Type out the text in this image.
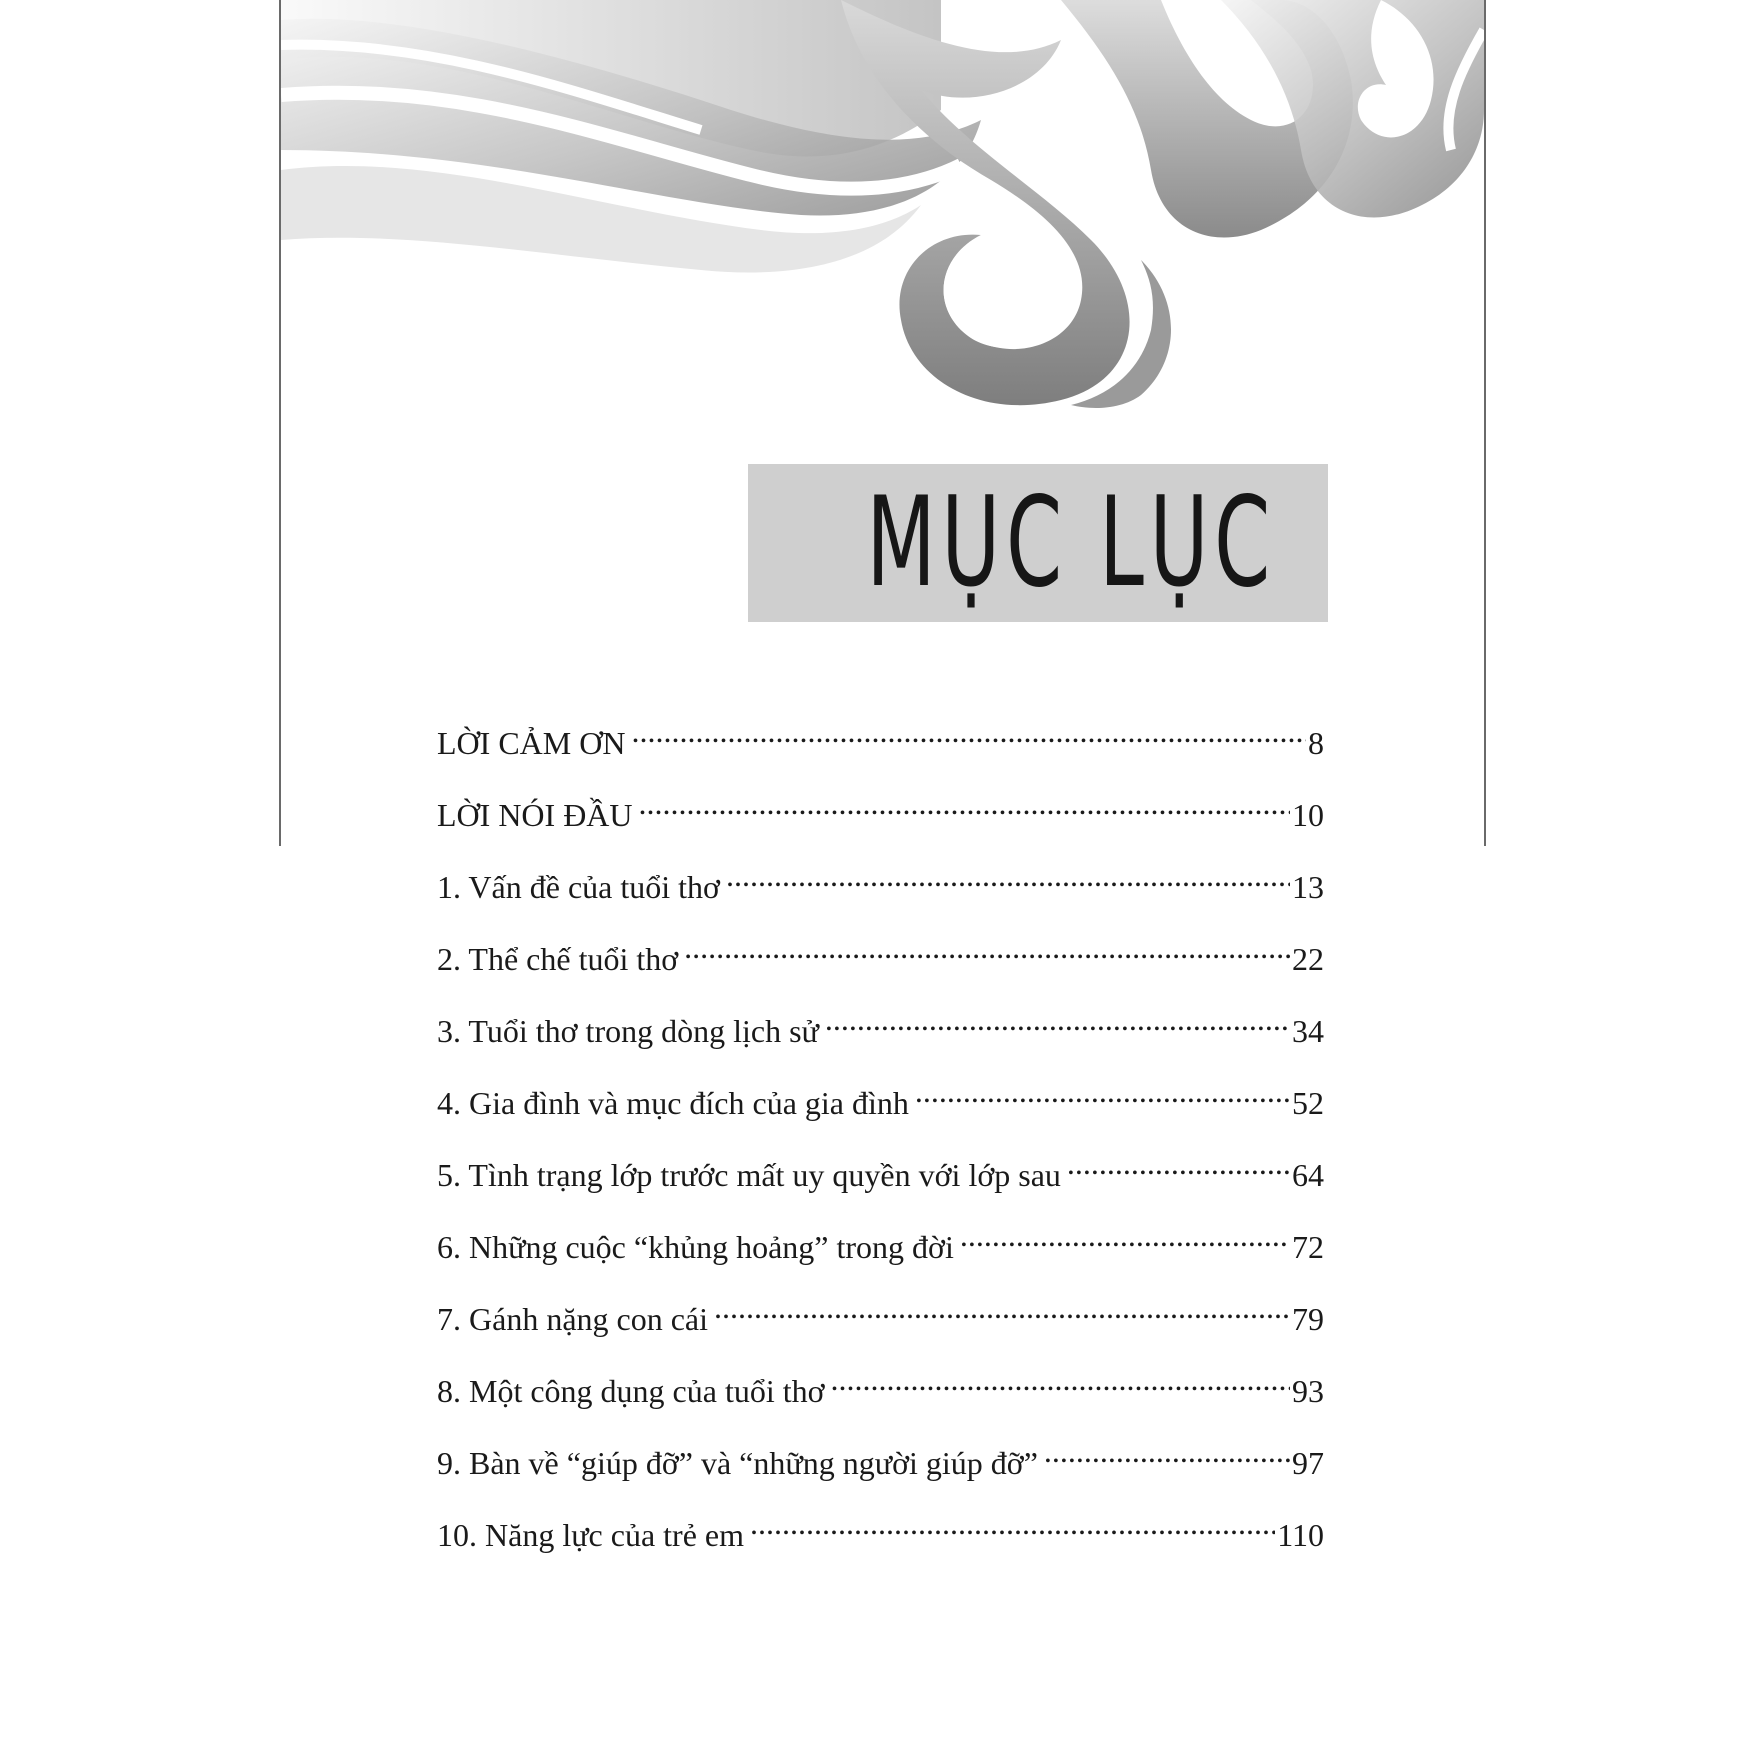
MỤC LỤC
LỜI CẢM ƠN .....	8
LỜI NÓI ĐẦU .....	10
1. Vấn đề của tuổi thơ .....	13
2. Thể chế tuổi thơ .....	22
3. Tuổi thơ trong dòng lịch sử .....	34
4. Gia đình và mục đích của gia đình .....	52
5. Tình trạng lớp trước mất uy quyền với lớp sau .....	64
6. Những cuộc “khủng hoảng” trong đời .....	72
7. Gánh nặng con cái .....	79
8. Một công dụng của tuổi thơ .....	93
9. Bàn về “giúp đỡ” và “những người giúp đỡ” .....	97
10. Năng lực của trẻ em .....	110
